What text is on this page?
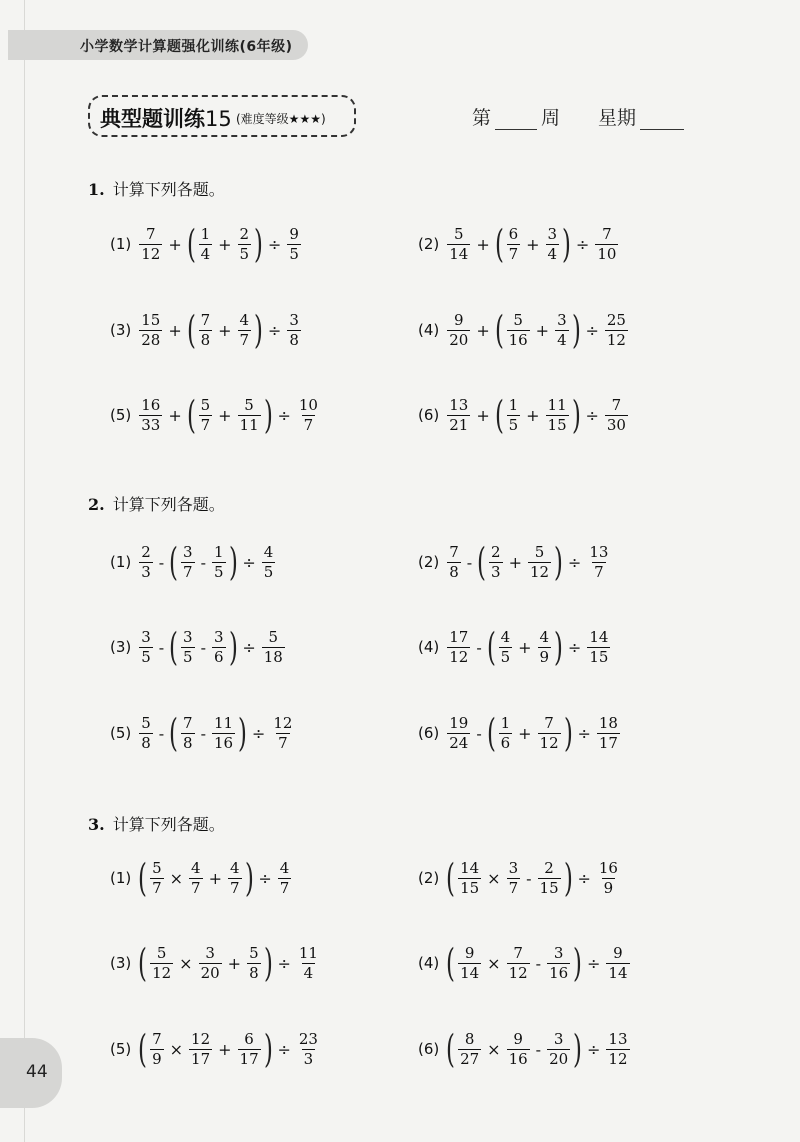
小学数学计算题强化训练(6年级)
典型题训练15 (难度等级★★★)	第	周 星期
1. 计算下列各题。
$(1) \frac{7}{12}$ + ( $\frac{1}{4} + \frac{2}{5}$ ) ÷ $\frac{9}{5}$	$(2) \frac{5}{14}$ + ( $\frac{6}{7} + \frac{3}{4}$ ) ÷ $\frac{7}{10}$
$(3) \frac{15}{28}$ + ( $\frac{7}{8} + \frac{4}{7}$ ) ÷ $\frac{3}{8}$	$(4) \frac{9}{20}$ + ( $\frac{5}{16} + \frac{3}{4}$ ) ÷ $\frac{25}{12}$
$(5) \frac{16}{33}$ + ( $\frac{5}{7} + \frac{5}{11}$ ) ÷ $\frac{10}{7}$	$(6) \frac{13}{21}$ + ( $\frac{1}{5} + \frac{11}{15}$ ) ÷ $\frac{7}{30}$
2. 计算下列各题。
$(1) \frac{2}{3}$ - ( $\frac{3}{7} - \frac{1}{5}$ ) ÷ $\frac{4}{5}$	$(2) \frac{7}{8}$ - ( $\frac{2}{3} + \frac{5}{12}$ ) ÷ $\frac{13}{7}$
$(3) \frac{3}{5}$ - ( $\frac{3}{5} - \frac{3}{6}$ ) ÷ $\frac{5}{18}$	$(4) \frac{17}{12}$ - ( $\frac{4}{5} + \frac{4}{9}$ ) ÷ $\frac{14}{15}$
$(5) \frac{5}{8}$ - ( $\frac{7}{8} - \frac{11}{16}$ ) ÷ $\frac{12}{7}$	$(6) \frac{19}{24}$ - ( $\frac{1}{6} + \frac{7}{12}$ ) ÷ $\frac{18}{17}$
3. 计算下列各题。
(1) ( $\frac{5}{7} \times \frac{4}{7} + \frac{4}{7}$ ) ÷ $\frac{4}{7}$	(2) ( $\frac{14}{15} \times \frac{3}{7} - \frac{2}{15}$ ) ÷ $\frac{16}{9}$
(3) ( $\frac{5}{12} \times \frac{3}{20} + \frac{5}{8}$ ) ÷ $\frac{11}{4}$	(4) ( $\frac{9}{14} \times \frac{7}{12} - \frac{3}{16}$ ) ÷ $\frac{9}{14}$
(5) ( $\frac{7}{9} \times \frac{12}{17} + \frac{6}{17}$ ) ÷ $\frac{23}{3}$	(6) ( $\frac{8}{27} \times \frac{9}{16} - \frac{3}{20}$ ) ÷ $\frac{13}{12}$
44
